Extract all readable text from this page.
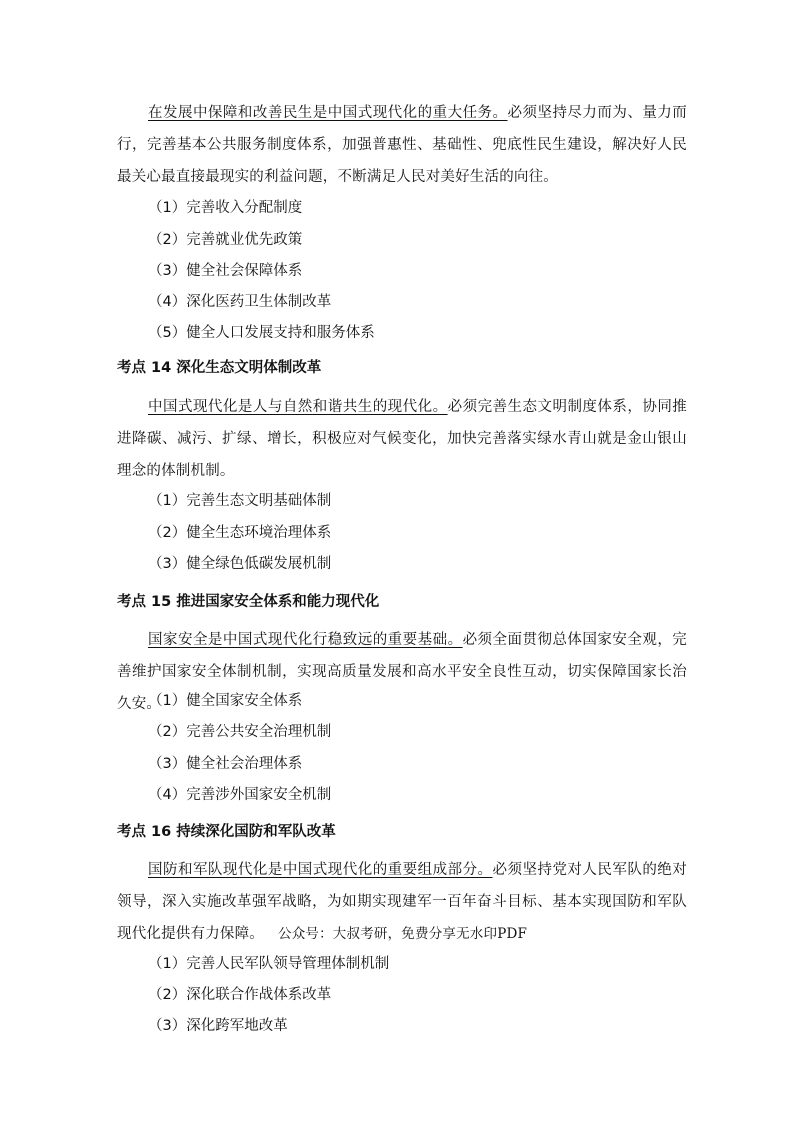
在发展中保障和改善民生是中国式现代化的重大任务。必须坚持尽力而为、量力而行，完善基本公共服务制度体系，加强普惠性、基础性、兜底性民生建设，解决好人民最关心最直接最现实的利益问题，不断满足人民对美好生活的向往。

（1）完善收入分配制度

（2）完善就业优先政策

（3）健全社会保障体系

（4）深化医药卫生体制改革

（5）健全人口发展支持和服务体系

考点 14 深化生态文明体制改革

中国式现代化是人与自然和谐共生的现代化。必须完善生态文明制度体系，协同推进降碳、减污、扩绿、增长，积极应对气候变化，加快完善落实绿水青山就是金山银山理念的体制机制。

（1）完善生态文明基础体制

（2）健全生态环境治理体系

（3）健全绿色低碳发展机制

考点 15 推进国家安全体系和能力现代化

国家安全是中国式现代化行稳致远的重要基础。必须全面贯彻总体国家安全观，完善维护国家安全体制机制，实现高质量发展和高水平安全良性互动，切实保障国家长治久安。

（1）健全国家安全体系

（2）完善公共安全治理机制

（3）健全社会治理体系

（4）完善涉外国家安全机制

考点 16 持续深化国防和军队改革

国防和军队现代化是中国式现代化的重要组成部分。必须坚持党对人民军队的绝对领导，深入实施改革强军战略，为如期实现建军一百年奋斗目标、基本实现国防和军队现代化提供有力保障。 公众号：大叔考研，免费分享无水印PDF

（1）完善人民军队领导管理体制机制

（2）深化联合作战体系改革

（3）深化跨军地改革
